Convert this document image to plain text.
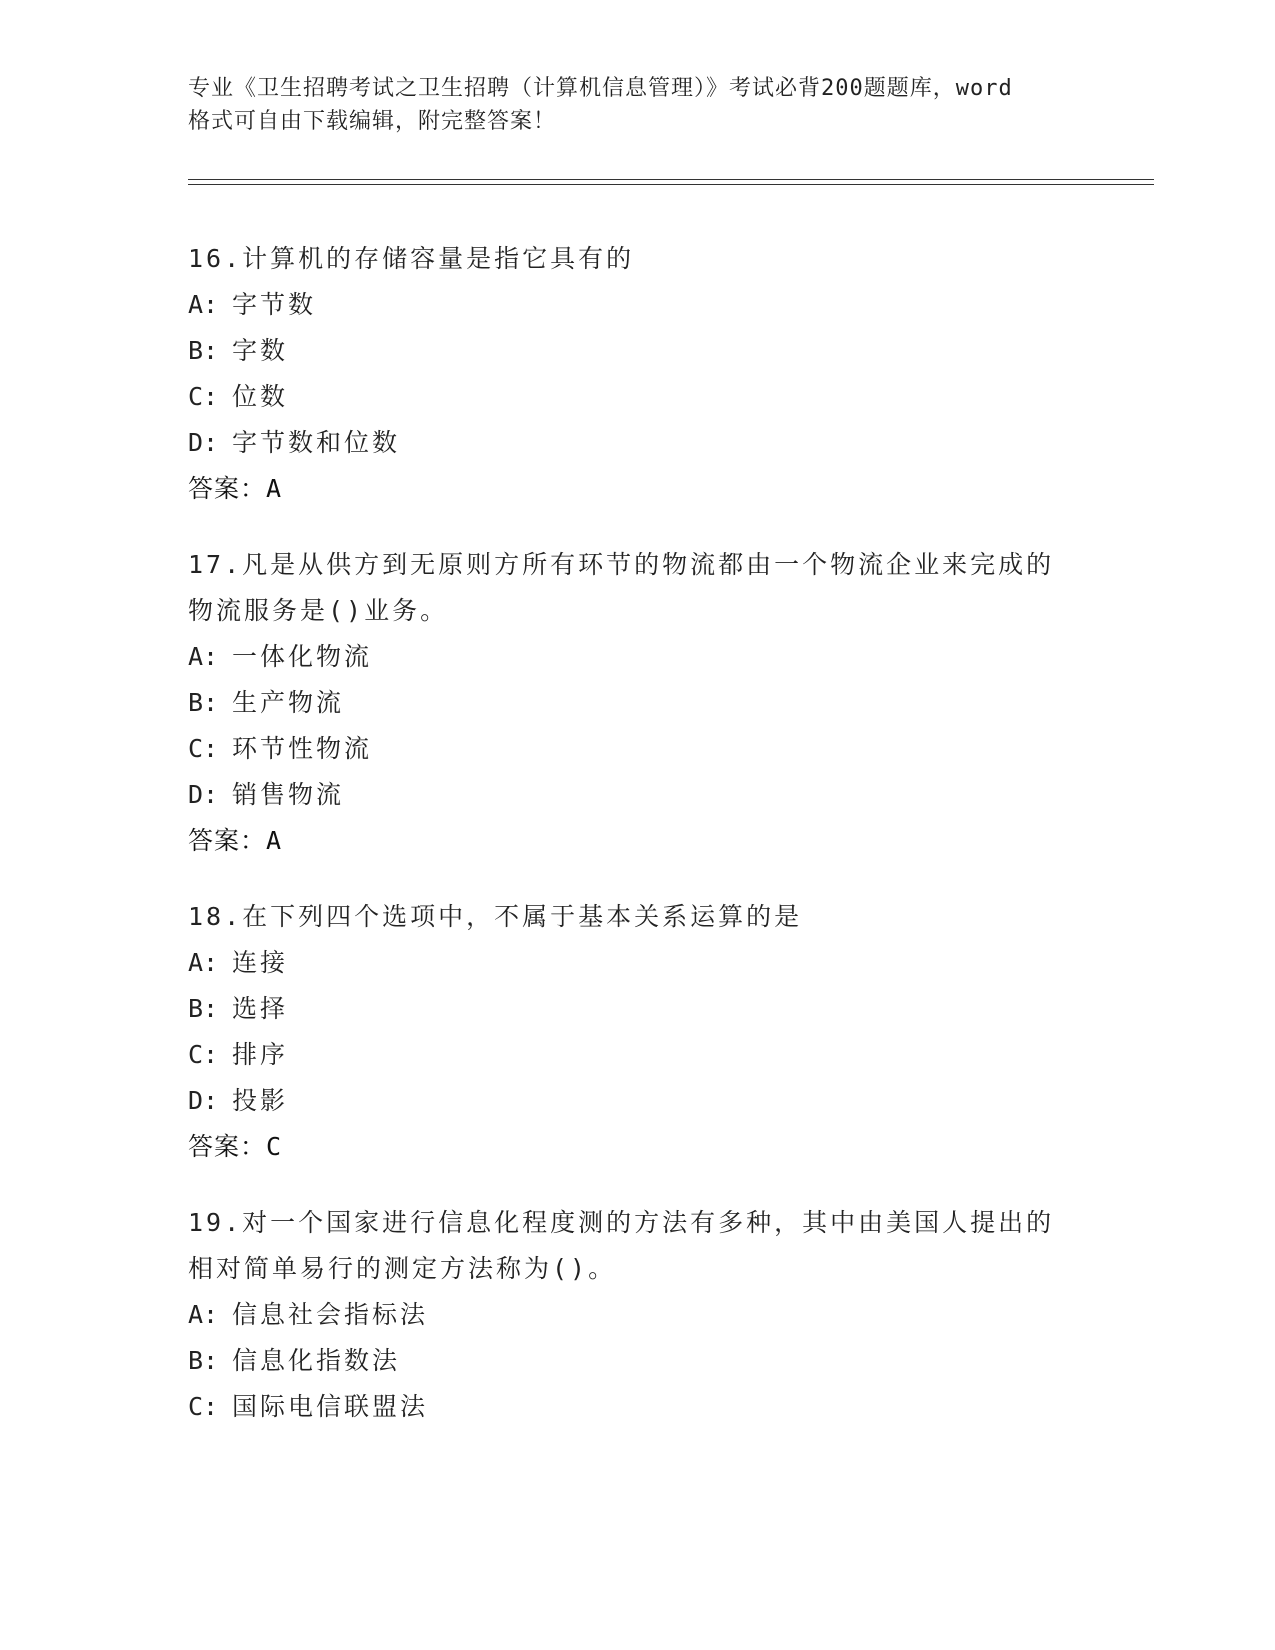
专业《卫生招聘考试之卫生招聘（计算机信息管理）》考试必背200题题库，word
格式可自由下载编辑，附完整答案！
16.计算机的存储容量是指它具有的
A: 字节数
B: 字数
C: 位数
D: 字节数和位数
答案：A
17.凡是从供方到无原则方所有环节的物流都由一个物流企业来完成的
物流服务是()业务。
A: 一体化物流
B: 生产物流
C: 环节性物流
D: 销售物流
答案：A
18.在下列四个选项中，不属于基本关系运算的是
A: 连接
B: 选择
C: 排序
D: 投影
答案：C
19.对一个国家进行信息化程度测的方法有多种，其中由美国人提出的
相对简单易行的测定方法称为()。
A: 信息社会指标法
B: 信息化指数法
C: 国际电信联盟法
